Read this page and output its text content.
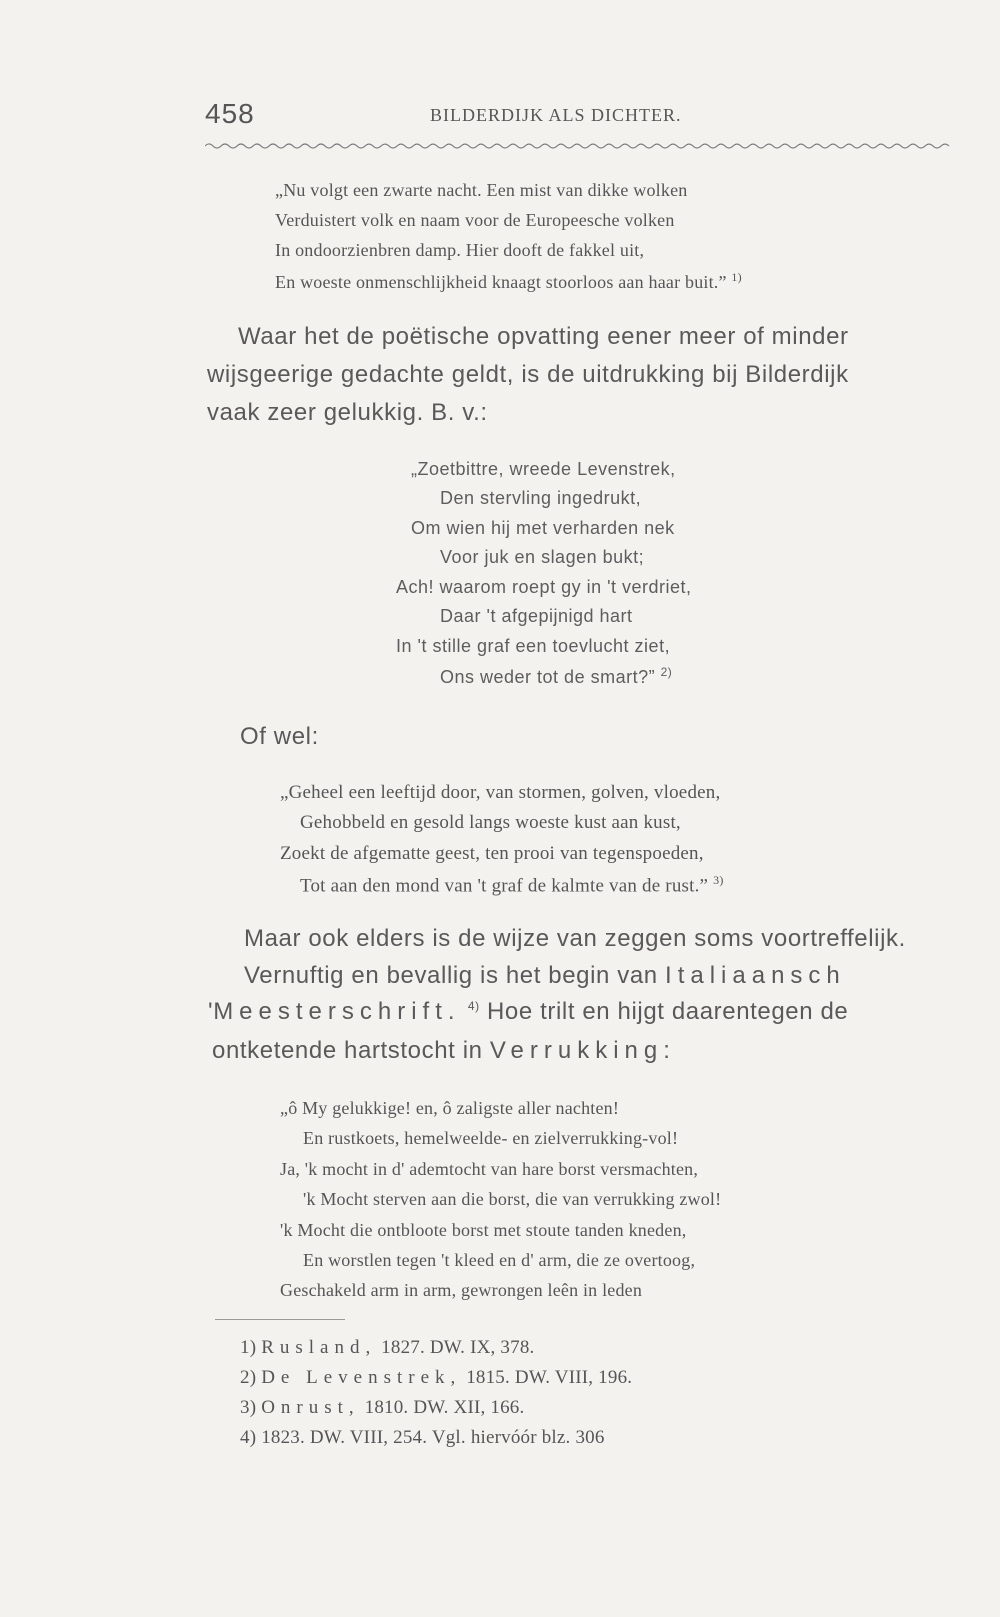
458	BILDERDIJK ALS DICHTER.
„Nu volgt een zwarte nacht. Een mist van dikke wolken
Verduistert volk en naam voor de Europeesche volken
In ondoorzienbren damp. Hier dooft de fakkel uit,
En woeste onmenschlijkheid knaagt stoorloos aan haar buit.” $^{1)}$
Waar het de poëtische opvatting eener meer of minder
wijsgeerige gedachte geldt, is de uitdrukking bij Bilderdijk
vaak zeer gelukkig. B. v.:
„Zoetbittre, wreede Levenstrek,
Den stervling ingedrukt,
Om wien hij met verharden nek
Voor juk en slagen bukt;
Ach! waarom roept gy in 't verdriet,
Daar 't afgepijnigd hart
In 't stille graf een toevlucht ziet,
Ons weder tot de smart?” $^{2)}$
Of wel:
„Geheel een leeftijd door, van stormen, golven, vloeden,
Gehobbeld en gesold langs woeste kust aan kust,
Zoekt de afgematte geest, ten prooi van tegenspoeden,
Tot aan den mond van 't graf de kalmte van de rust.” $^{3)}$
Maar ook elders is de wijze van zeggen soms voortreffelijk.
Vernuftig en bevallig is het begin van Italiaansch
'Meesterschrift. $^{4)}$ Hoe trilt en hijgt daarentegen de
ontketende hartstocht in Verrukking:
„ô My gelukkige! en, ô zaligste aller nachten!
En rustkoets, hemelweelde- en zielverrukking-vol!
Ja, 'k mocht in d' ademtocht van hare borst versmachten,
'k Mocht sterven aan die borst, die van verrukking zwol!
'k Mocht die ontbloote borst met stoute tanden kneden,
En worstlen tegen 't kleed en d' arm, die ze overtoog,
Geschakeld arm in arm, gewrongen leên in leden
1) Rusland, 1827. DW. IX, 378.
2) De Levenstrek, 1815. DW. VIII, 196.
3) Onrust, 1810. DW. XII, 166.
4) 1823. DW. VIII, 254. Vgl. hiervóór blz. 306
